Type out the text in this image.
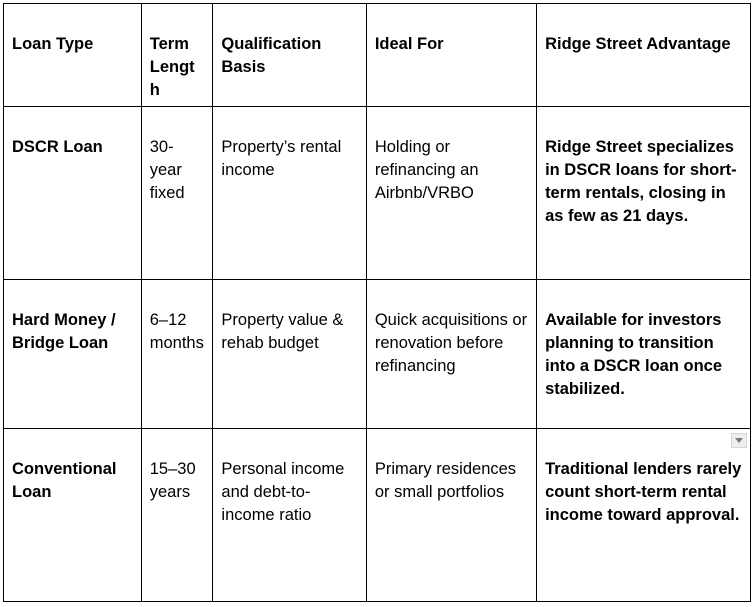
Loan Type	Term Length	Qualification Basis	Ideal For	Ridge Street Advantage
DSCR Loan	30-year fixed	Property’s rental income	Holding or refinancing an Airbnb/VRBO	Ridge Street specializes in DSCR loans for short-term rentals, closing in as few as 21 days.
Hard Money / Bridge Loan	6–12 months	Property value & rehab budget	Quick acquisitions or renovation before refinancing	Available for investors planning to transition into a DSCR loan once stabilized.
Conventional Loan	15–30 years	Personal income and debt-to-income ratio	Primary residences or small portfolios	Traditional lenders rarely count short-term rental income toward approval.
